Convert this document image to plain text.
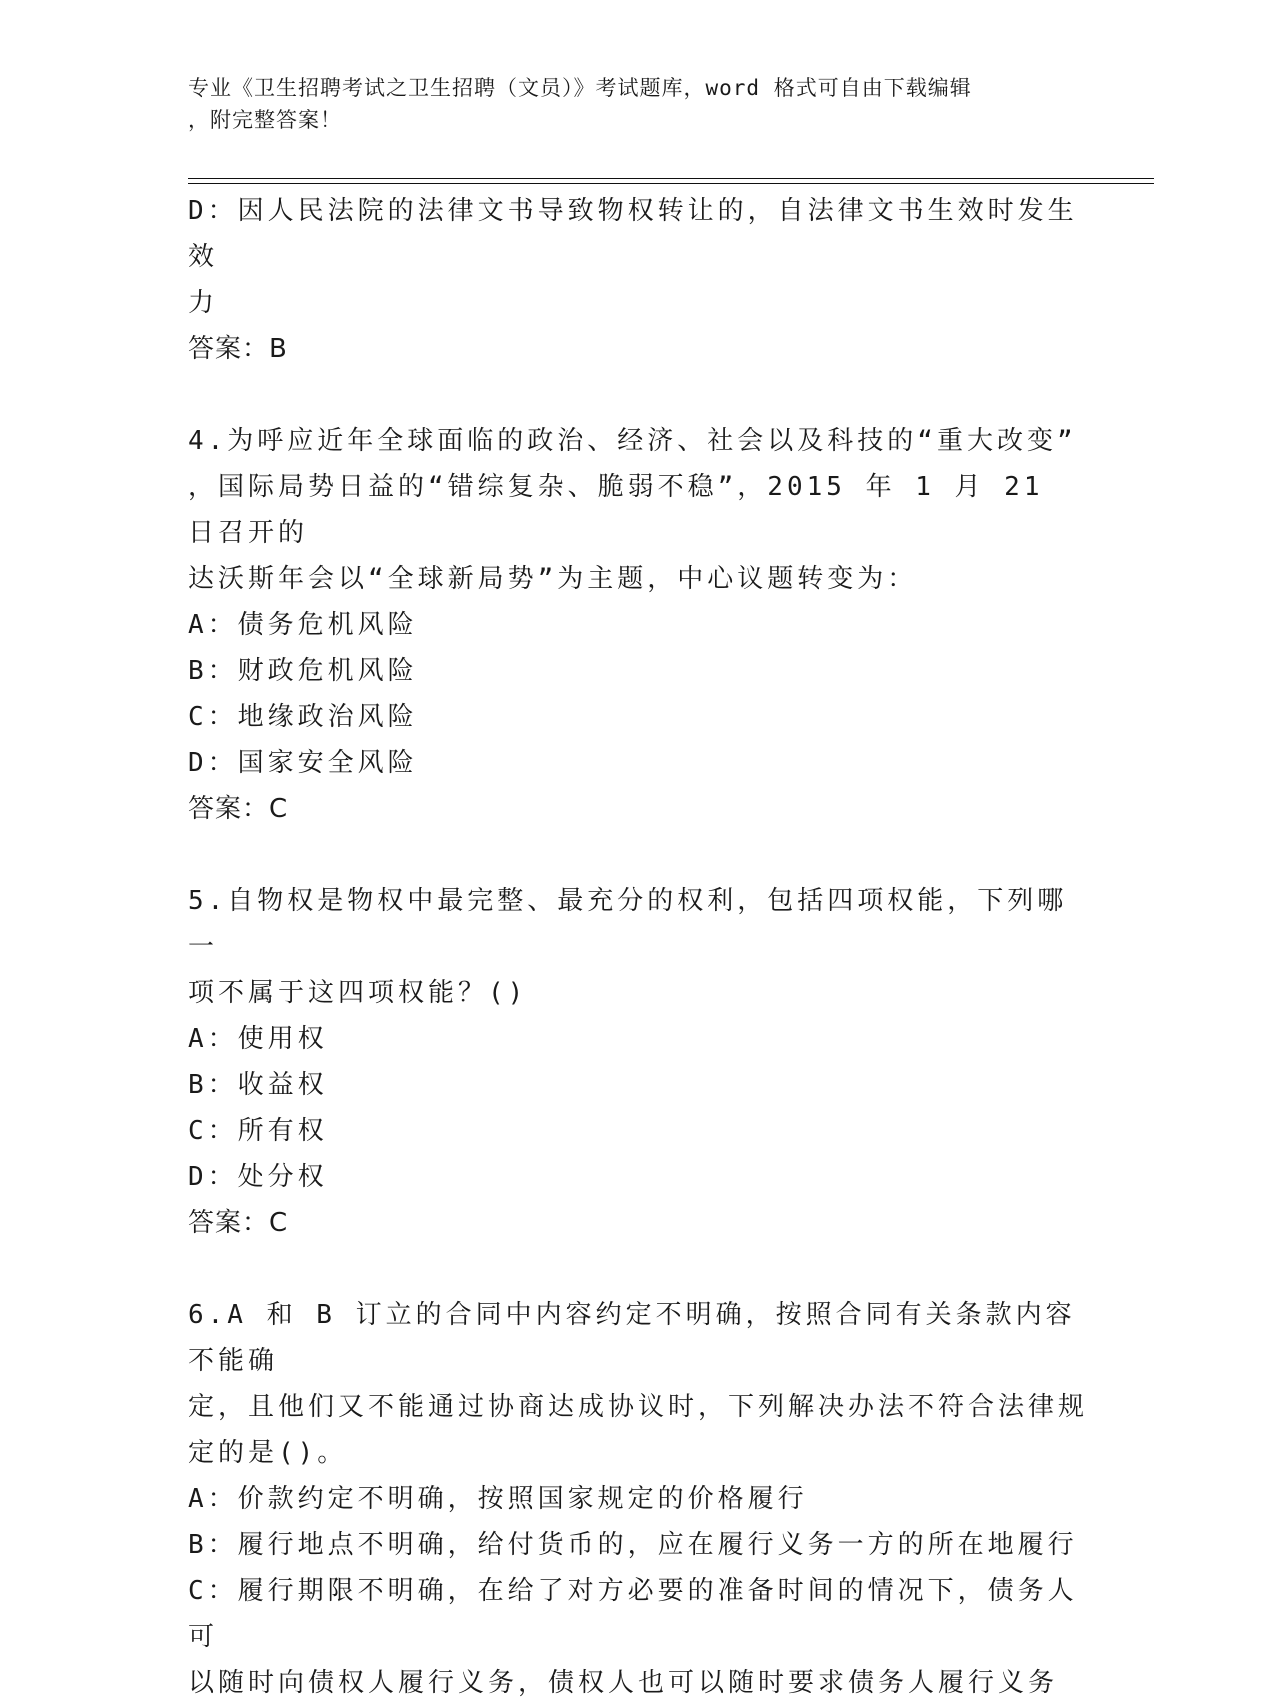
专业《卫生招聘考试之卫生招聘（文员）》考试题库，word 格式可自由下载编辑

，附完整答案！

D：因人民法院的法律文书导致物权转让的，自法律文书生效时发生效

力

答案：B

4.为呼应近年全球面临的政治、经济、社会以及科技的“重大改变”

，国际局势日益的“错综复杂、脆弱不稳”，2015 年 1 月 21 日召开的

达沃斯年会以“全球新局势”为主题，中心议题转变为：

A：债务危机风险

B：财政危机风险

C：地缘政治风险

D：国家安全风险

答案：C

5.自物权是物权中最完整、最充分的权利，包括四项权能，下列哪一

项不属于这四项权能？()

A：使用权

B：收益权

C：所有权

D：处分权

答案：C

6.A 和 B 订立的合同中内容约定不明确，按照合同有关条款内容不能确

定，且他们又不能通过协商达成协议时，下列解决办法不符合法律规

定的是()。

A：价款约定不明确，按照国家规定的价格履行

B：履行地点不明确，给付货币的，应在履行义务一方的所在地履行

C：履行期限不明确，在给了对方必要的准备时间的情况下，债务人可

以随时向债权人履行义务，债权人也可以随时要求债务人履行义务
